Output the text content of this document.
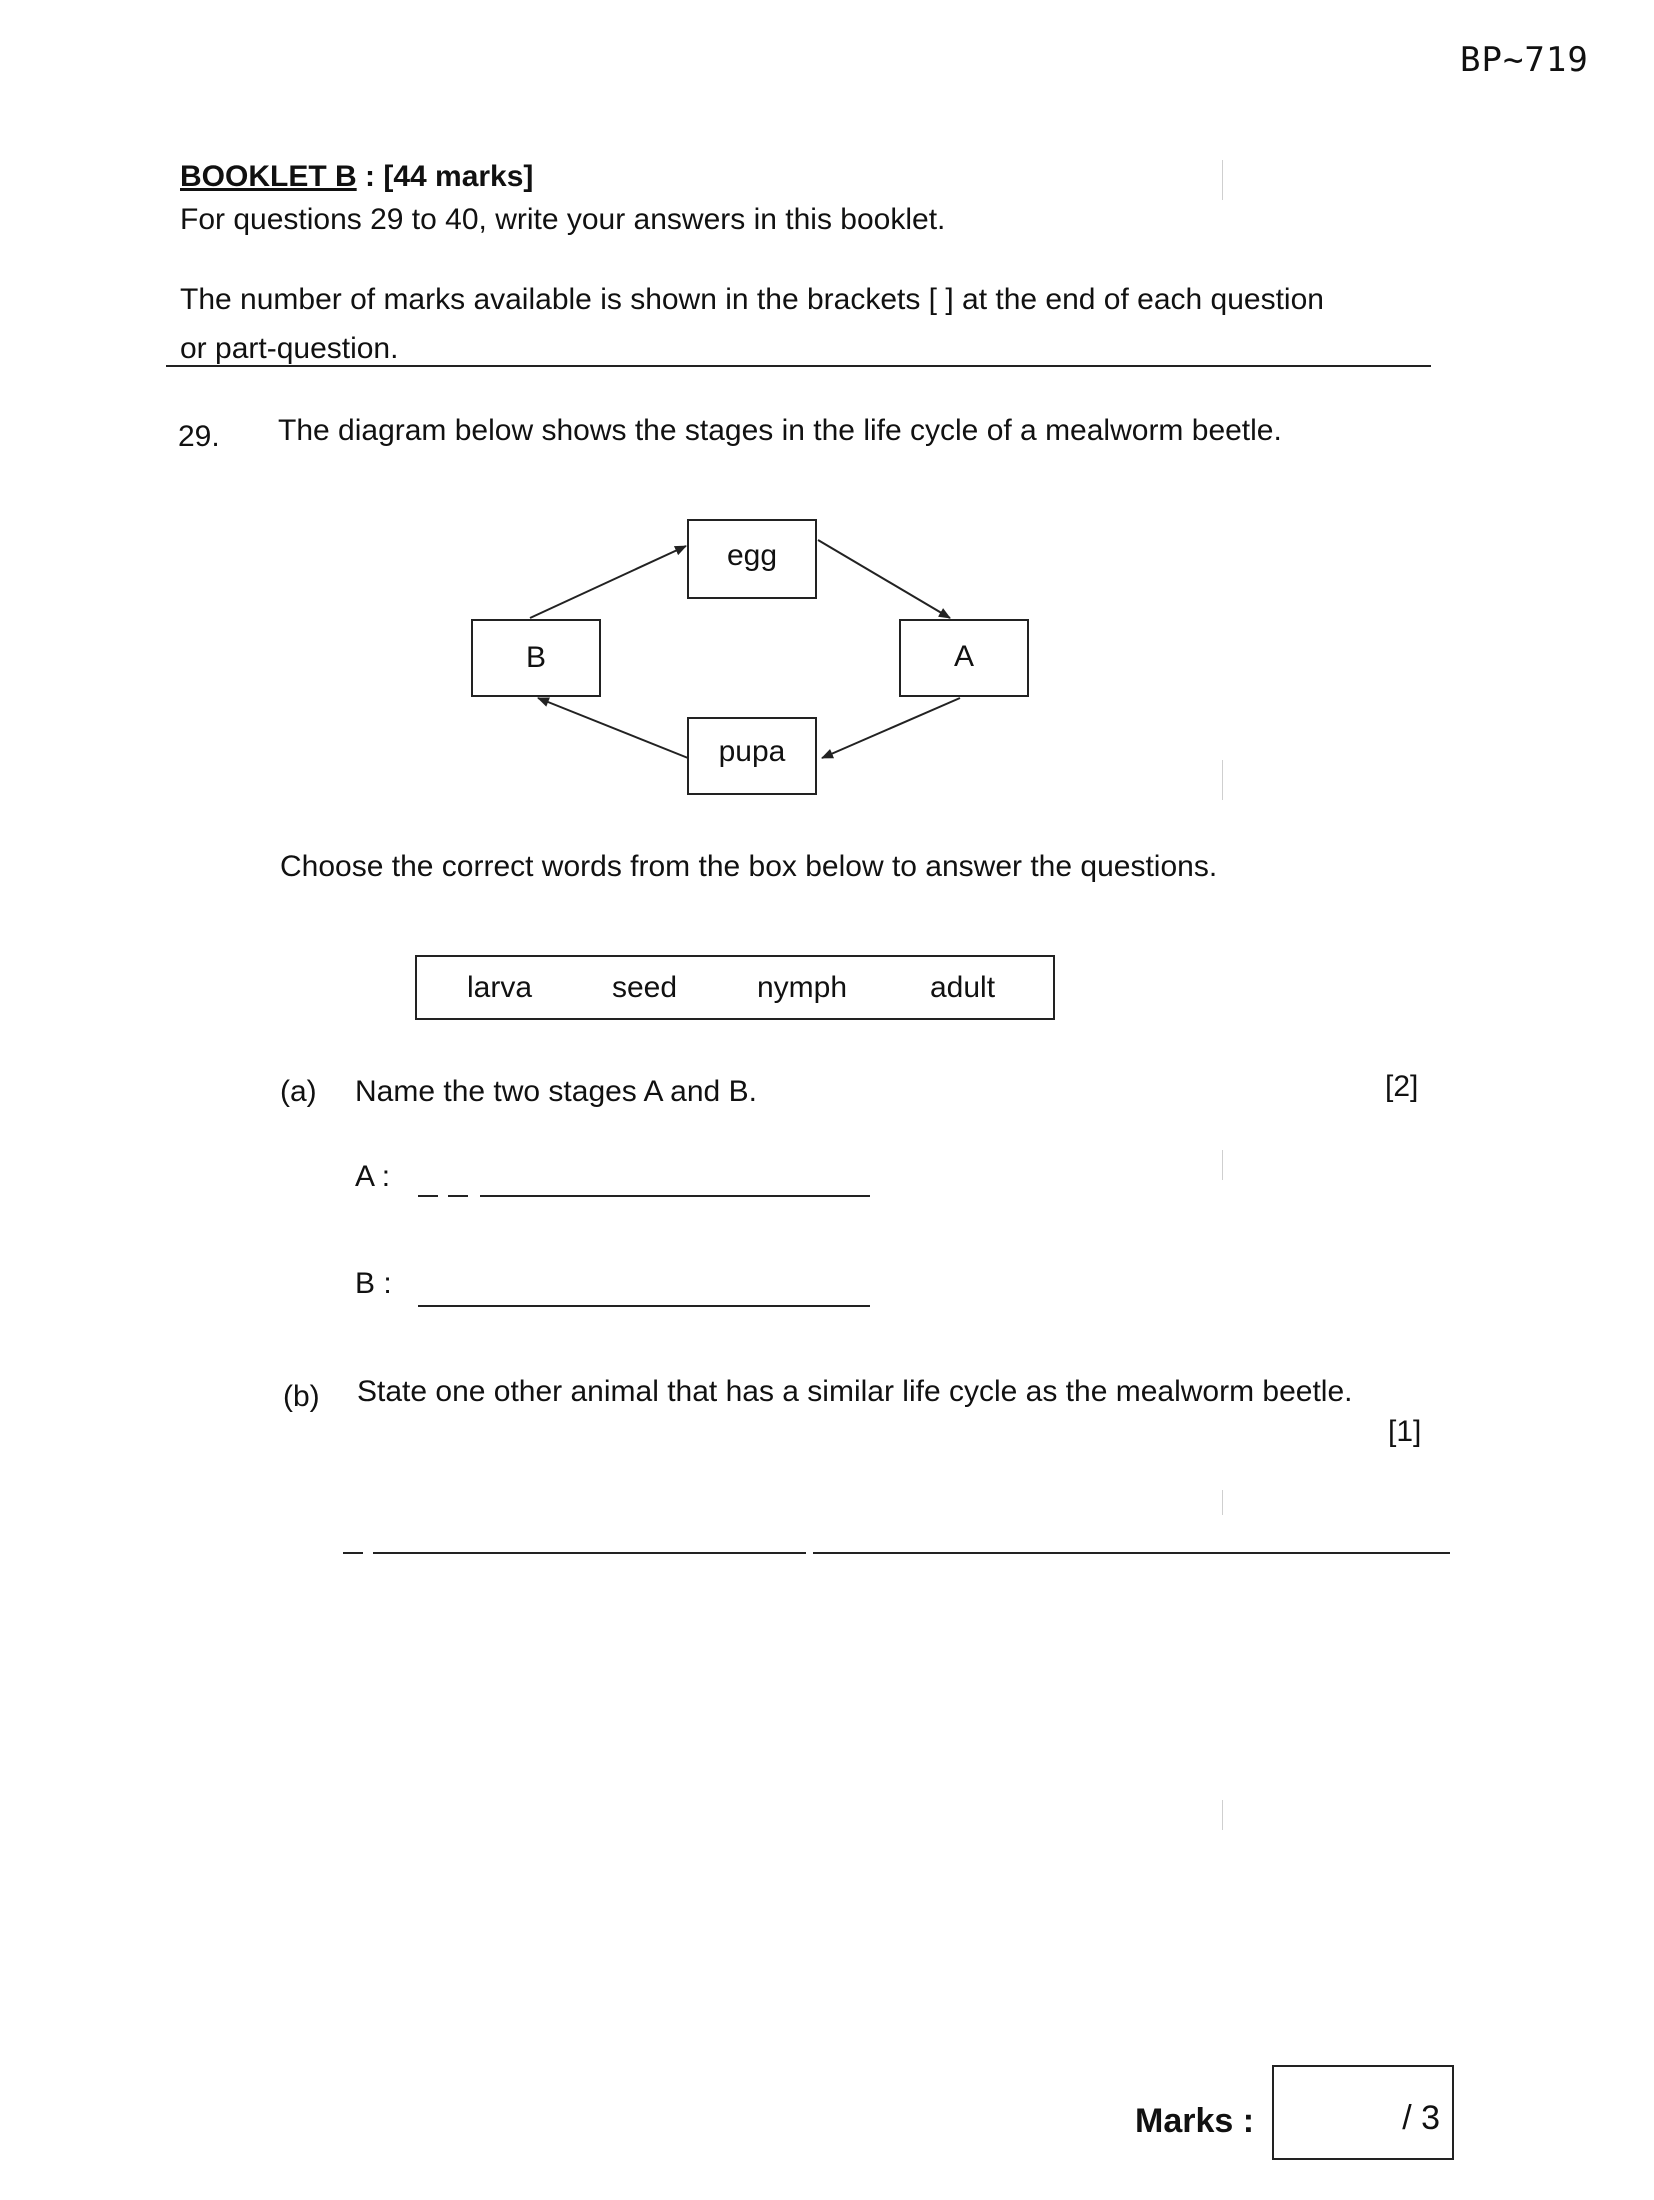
BP~719
BOOKLET B : [44 marks]
For questions 29 to 40, write your answers in this booklet.
The number of marks available is shown in the brackets [ ] at the end of each question
or part-question.
29. The diagram below shows the stages in the life cycle of a mealworm beetle.
egg
A
pupa
B
Choose the correct words from the box below to answer the questions.
larva	seed	nymph	adult
(a) Name the two stages A and B.	[2]
A :
B :
(b) State one other animal that has a similar life cycle as the mealworm beetle.
[1]
Marks :	/ 3
